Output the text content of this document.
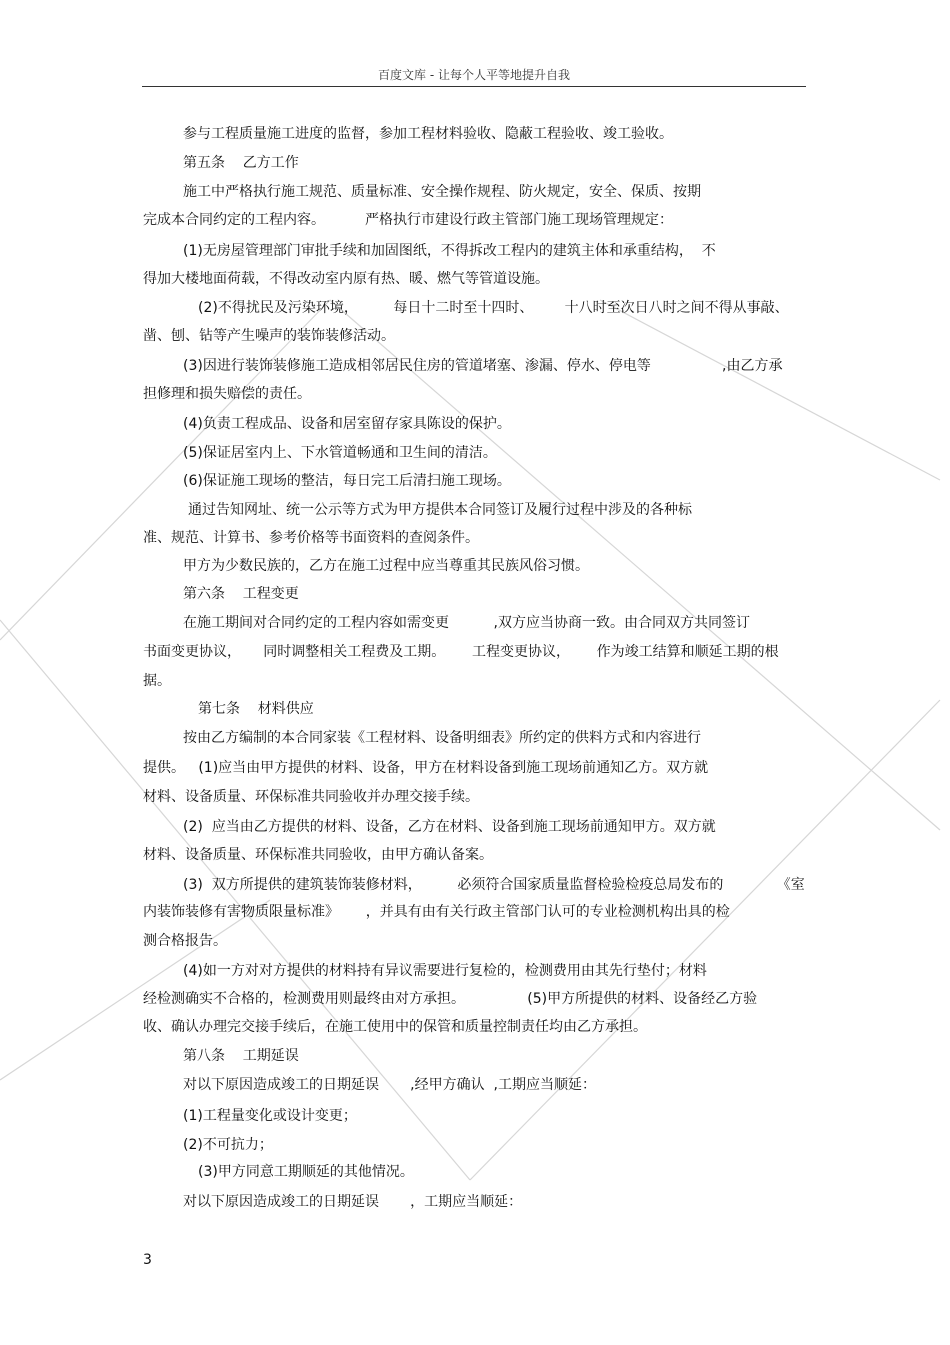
百度文库 - 让每个人平等地提升自我
参与工程质量施工进度的监督，参加工程材料验收、隐蔽工程验收、竣工验收。
第五条    乙方工作
施工中严格执行施工规范、质量标准、安全操作规程、防火规定，安全、保质、按期
完成本合同约定的工程内容。         严格执行市建设行政主管部门施工现场管理规定：
(1)无房屋管理部门审批手续和加固图纸，不得拆改工程内的建筑主体和承重结构，  不
得加大楼地面荷载，不得改动室内原有热、暖、燃气等管道设施。
(2)不得扰民及污染环境，        每日十二时至十四时、       十八时至次日八时之间不得从事敲、
凿、刨、钻等产生噪声的装饰装修活动。
(3)因进行装饰装修施工造成相邻居民住房的管道堵塞、渗漏、停水、停电等                ,由乙方承
担修理和损失赔偿的责任。
(4)负责工程成品、设备和居室留存家具陈设的保护。
(5)保证居室内上、下水管道畅通和卫生间的清洁。
(6)保证施工现场的整洁，每日完工后清扫施工现场。
通过告知网址、统一公示等方式为甲方提供本合同签订及履行过程中涉及的各种标
准、规范、计算书、参考价格等书面资料的查阅条件。
甲方为少数民族的，乙方在施工过程中应当尊重其民族风俗习惯。
第六条    工程变更
在施工期间对合同约定的工程内容如需变更          ,双方应当协商一致。由合同双方共同签订
书面变更协议，     同时调整相关工程费及工期。      工程变更协议，      作为竣工结算和顺延工期的根
据。
第七条    材料供应
按由乙方编制的本合同家装《工程材料、设备明细表》所约定的供料方式和内容进行
提供。   (1)应当由甲方提供的材料、设备，甲方在材料设备到施工现场前通知乙方。双方就
材料、设备质量、环保标准共同验收并办理交接手续。
(2)  应当由乙方提供的材料、设备，乙方在材料、设备到施工现场前通知甲方。双方就
材料、设备质量、环保标准共同验收，由甲方确认备案。
(3)  双方所提供的建筑装饰装修材料，        必须符合国家质量监督检验检疫总局发布的            《室
内装饰装修有害物质限量标准》      ，并具有由有关行政主管部门认可的专业检测机构出具的检
测合格报告。
(4)如一方对对方提供的材料持有异议需要进行复检的，检测费用由其先行垫付；材料
经检测确实不合格的，检测费用则最终由对方承担。              (5)甲方所提供的材料、设备经乙方验
收、确认办理完交接手续后，在施工使用中的保管和质量控制责任均由乙方承担。
第八条    工期延误
对以下原因造成竣工的日期延误       ,经甲方确认  ,工期应当顺延：
(1)工程量变化或设计变更；
(2)不可抗力；
(3)甲方同意工期顺延的其他情况。
对以下原因造成竣工的日期延误       ，工期应当顺延：
3
